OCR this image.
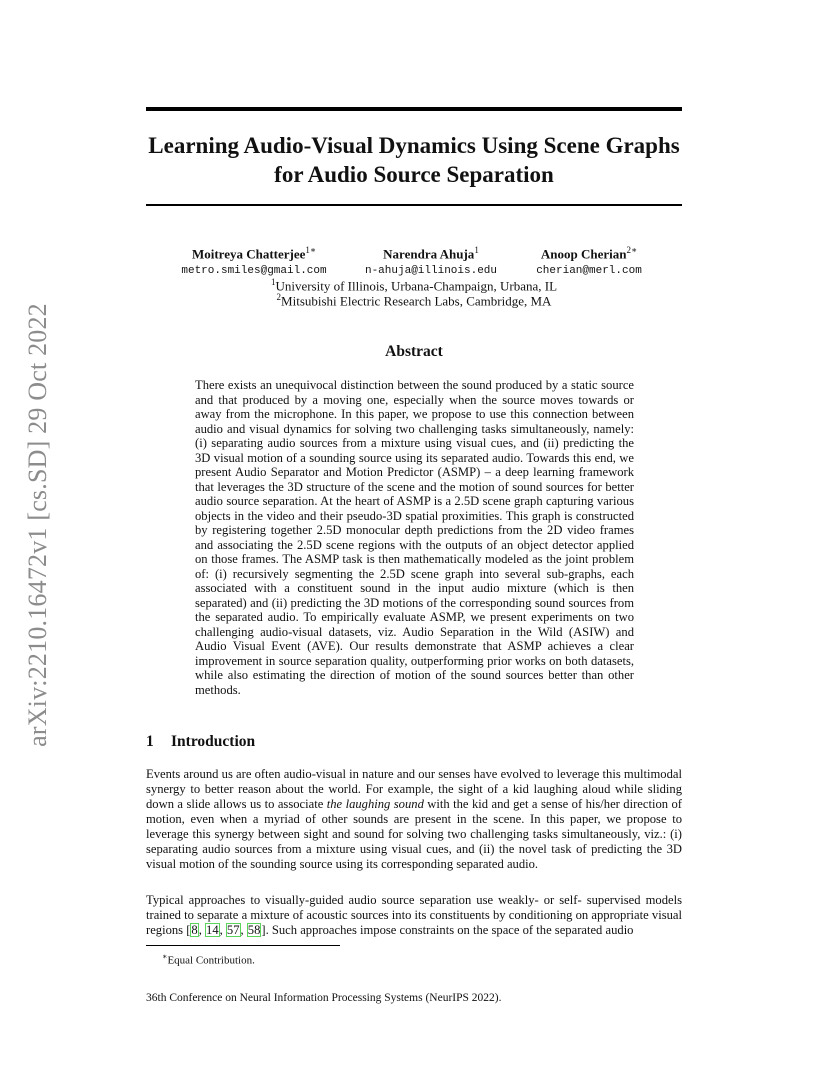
arXiv:2210.16472v1 [cs.SD] 29 Oct 2022
Learning Audio-Visual Dynamics Using Scene Graphs
for Audio Source Separation
Moitreya Chatterjee$^{1∗}$
metro.smiles@gmail.com
Narendra Ahuja$^1$
n-ahuja@illinois.edu
Anoop Cherian$^{2∗}$
cherian@merl.com
$^1$University of Illinois, Urbana-Champaign, Urbana, IL
$^2$Mitsubishi Electric Research Labs, Cambridge, MA
Abstract

There exists an unequivocal distinction between the sound produced by a static source and that produced by a moving one, especially when the source moves towards or away from the microphone. In this paper, we propose to use this connection between audio and visual dynamics for solving two challenging tasks simultaneously, namely: (i) separating audio sources from a mixture using visual cues, and (ii) predicting the 3D visual motion of a sounding source using its separated audio. Towards this end, we present Audio Separator and Motion Predictor (ASMP) – a deep learning framework that leverages the 3D structure of the scene and the motion of sound sources for better audio source separation. At the heart of ASMP is a 2.5D scene graph capturing various objects in the video and their pseudo-3D spatial proximities. This graph is constructed by registering together 2.5D monocular depth predictions from the 2D video frames and associating the 2.5D scene regions with the outputs of an object detector applied on those frames. The ASMP task is then mathematically modeled as the joint problem of: (i) recursively segmenting the 2.5D scene graph into several sub-graphs, each associated with a constituent sound in the input audio mixture (which is then separated) and (ii) predicting the 3D motions of the corresponding sound sources from the separated audio. To empirically evaluate ASMP, we present experiments on two challenging audio-visual datasets, viz. Audio Separation in the Wild (ASIW) and Audio Visual Event (AVE). Our results demonstrate that ASMP achieves a clear improvement in source separation quality, outperforming prior works on both datasets, while also estimating the direction of motion of the sound sources better than other methods.

1 Introduction

Events around us are often audio-visual in nature and our senses have evolved to leverage this multimodal synergy to better reason about the world. For example, the sight of a kid laughing aloud while sliding down a slide allows us to associate the laughing sound with the kid and get a sense of his/her direction of motion, even when a myriad of other sounds are present in the scene. In this paper, we propose to leverage this synergy between sight and sound for solving two challenging tasks simultaneously, viz.: (i) separating audio sources from a mixture using visual cues, and (ii) the novel task of predicting the 3D visual motion of the sounding source using its corresponding separated audio.

Typical approaches to visually-guided audio source separation use weakly- or self- supervised models trained to separate a mixture of acoustic sources into its constituents by conditioning on appropriate visual regions [8, 14, 57, 58]. Such approaches impose constraints on the space of the separated audio

∗Equal Contribution.
36th Conference on Neural Information Processing Systems (NeurIPS 2022).
